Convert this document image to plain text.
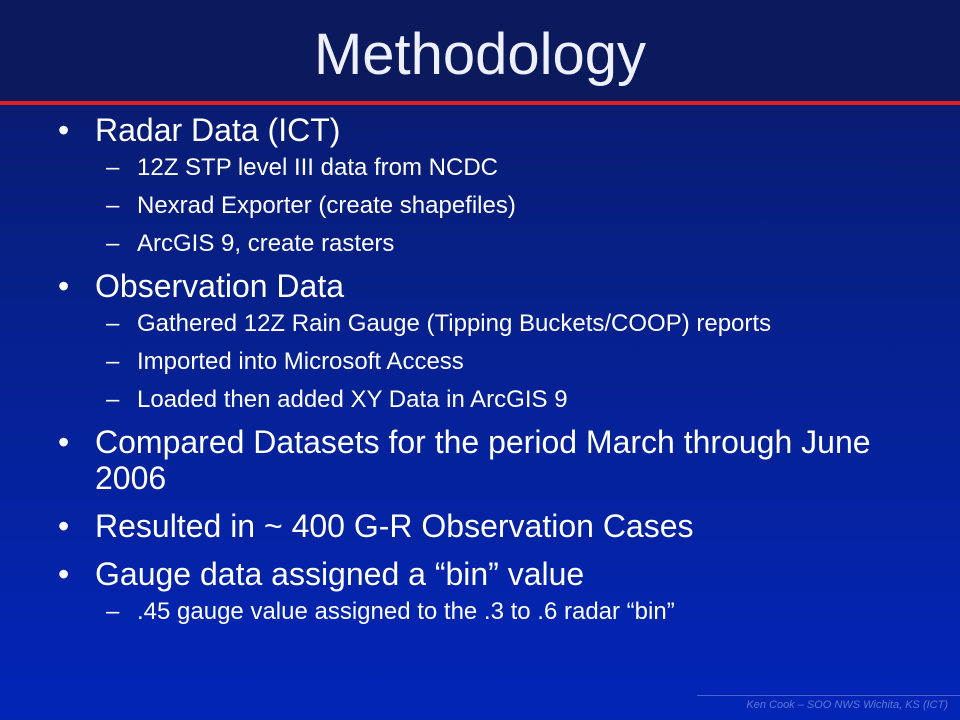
Methodology
• Radar Data (ICT)
– 12Z STP level III data from NCDC
– Nexrad Exporter (create shapefiles)
– ArcGIS 9, create rasters
• Observation Data
– Gathered 12Z Rain Gauge (Tipping Buckets/COOP) reports
– Imported into Microsoft Access
– Loaded then added XY Data in ArcGIS 9
• Compared Datasets for the period March through June 2006
• Resulted in ~ 400 G-R Observation Cases
• Gauge data assigned a “bin” value
– .45 gauge value assigned to the .3 to .6 radar “bin”
Ken Cook – SOO NWS Wichita, KS (ICT)
